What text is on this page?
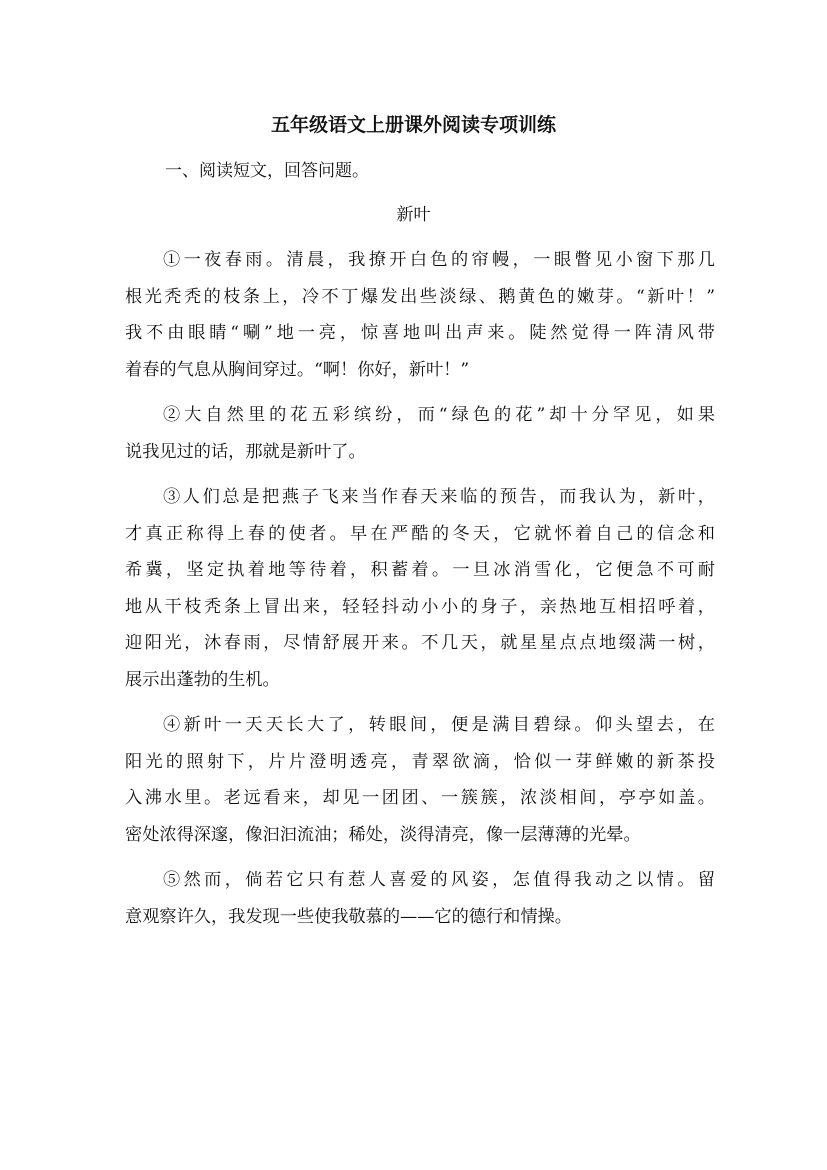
五年级语文上册课外阅读专项训练

一、阅读短文，回答问题。

新叶

①一夜春雨。清晨，我撩开白色的帘幔，一眼瞥见小窗下那几
根光秃秃的枝条上，冷不丁爆发出些淡绿、鹅黄色的嫩芽。“新叶！”
我不由眼睛“唰”地一亮，惊喜地叫出声来。陡然觉得一阵清风带
着春的气息从胸间穿过。“啊！你好，新叶！”
②大自然里的花五彩缤纷，而“绿色的花”却十分罕见，如果
说我见过的话，那就是新叶了。
③人们总是把燕子飞来当作春天来临的预告，而我认为，新叶，
才真正称得上春的使者。早在严酷的冬天，它就怀着自己的信念和
希冀，坚定执着地等待着，积蓄着。一旦冰消雪化，它便急不可耐
地从干枝秃条上冒出来，轻轻抖动小小的身子，亲热地互相招呼着，
迎阳光，沐春雨，尽情舒展开来。不几天，就星星点点地缀满一树，
展示出蓬勃的生机。
④新叶一天天长大了，转眼间，便是满目碧绿。仰头望去，在
阳光的照射下，片片澄明透亮，青翠欲滴，恰似一芽鲜嫩的新茶投
入沸水里。老远看来，却见一团团、一簇簇，浓淡相间，亭亭如盖。
密处浓得深邃，像汩汩流油；稀处，淡得清亮，像一层薄薄的光晕。
⑤然而，倘若它只有惹人喜爱的风姿，怎值得我动之以情。留
意观察许久，我发现一些使我敬慕的——它的德行和情操。
